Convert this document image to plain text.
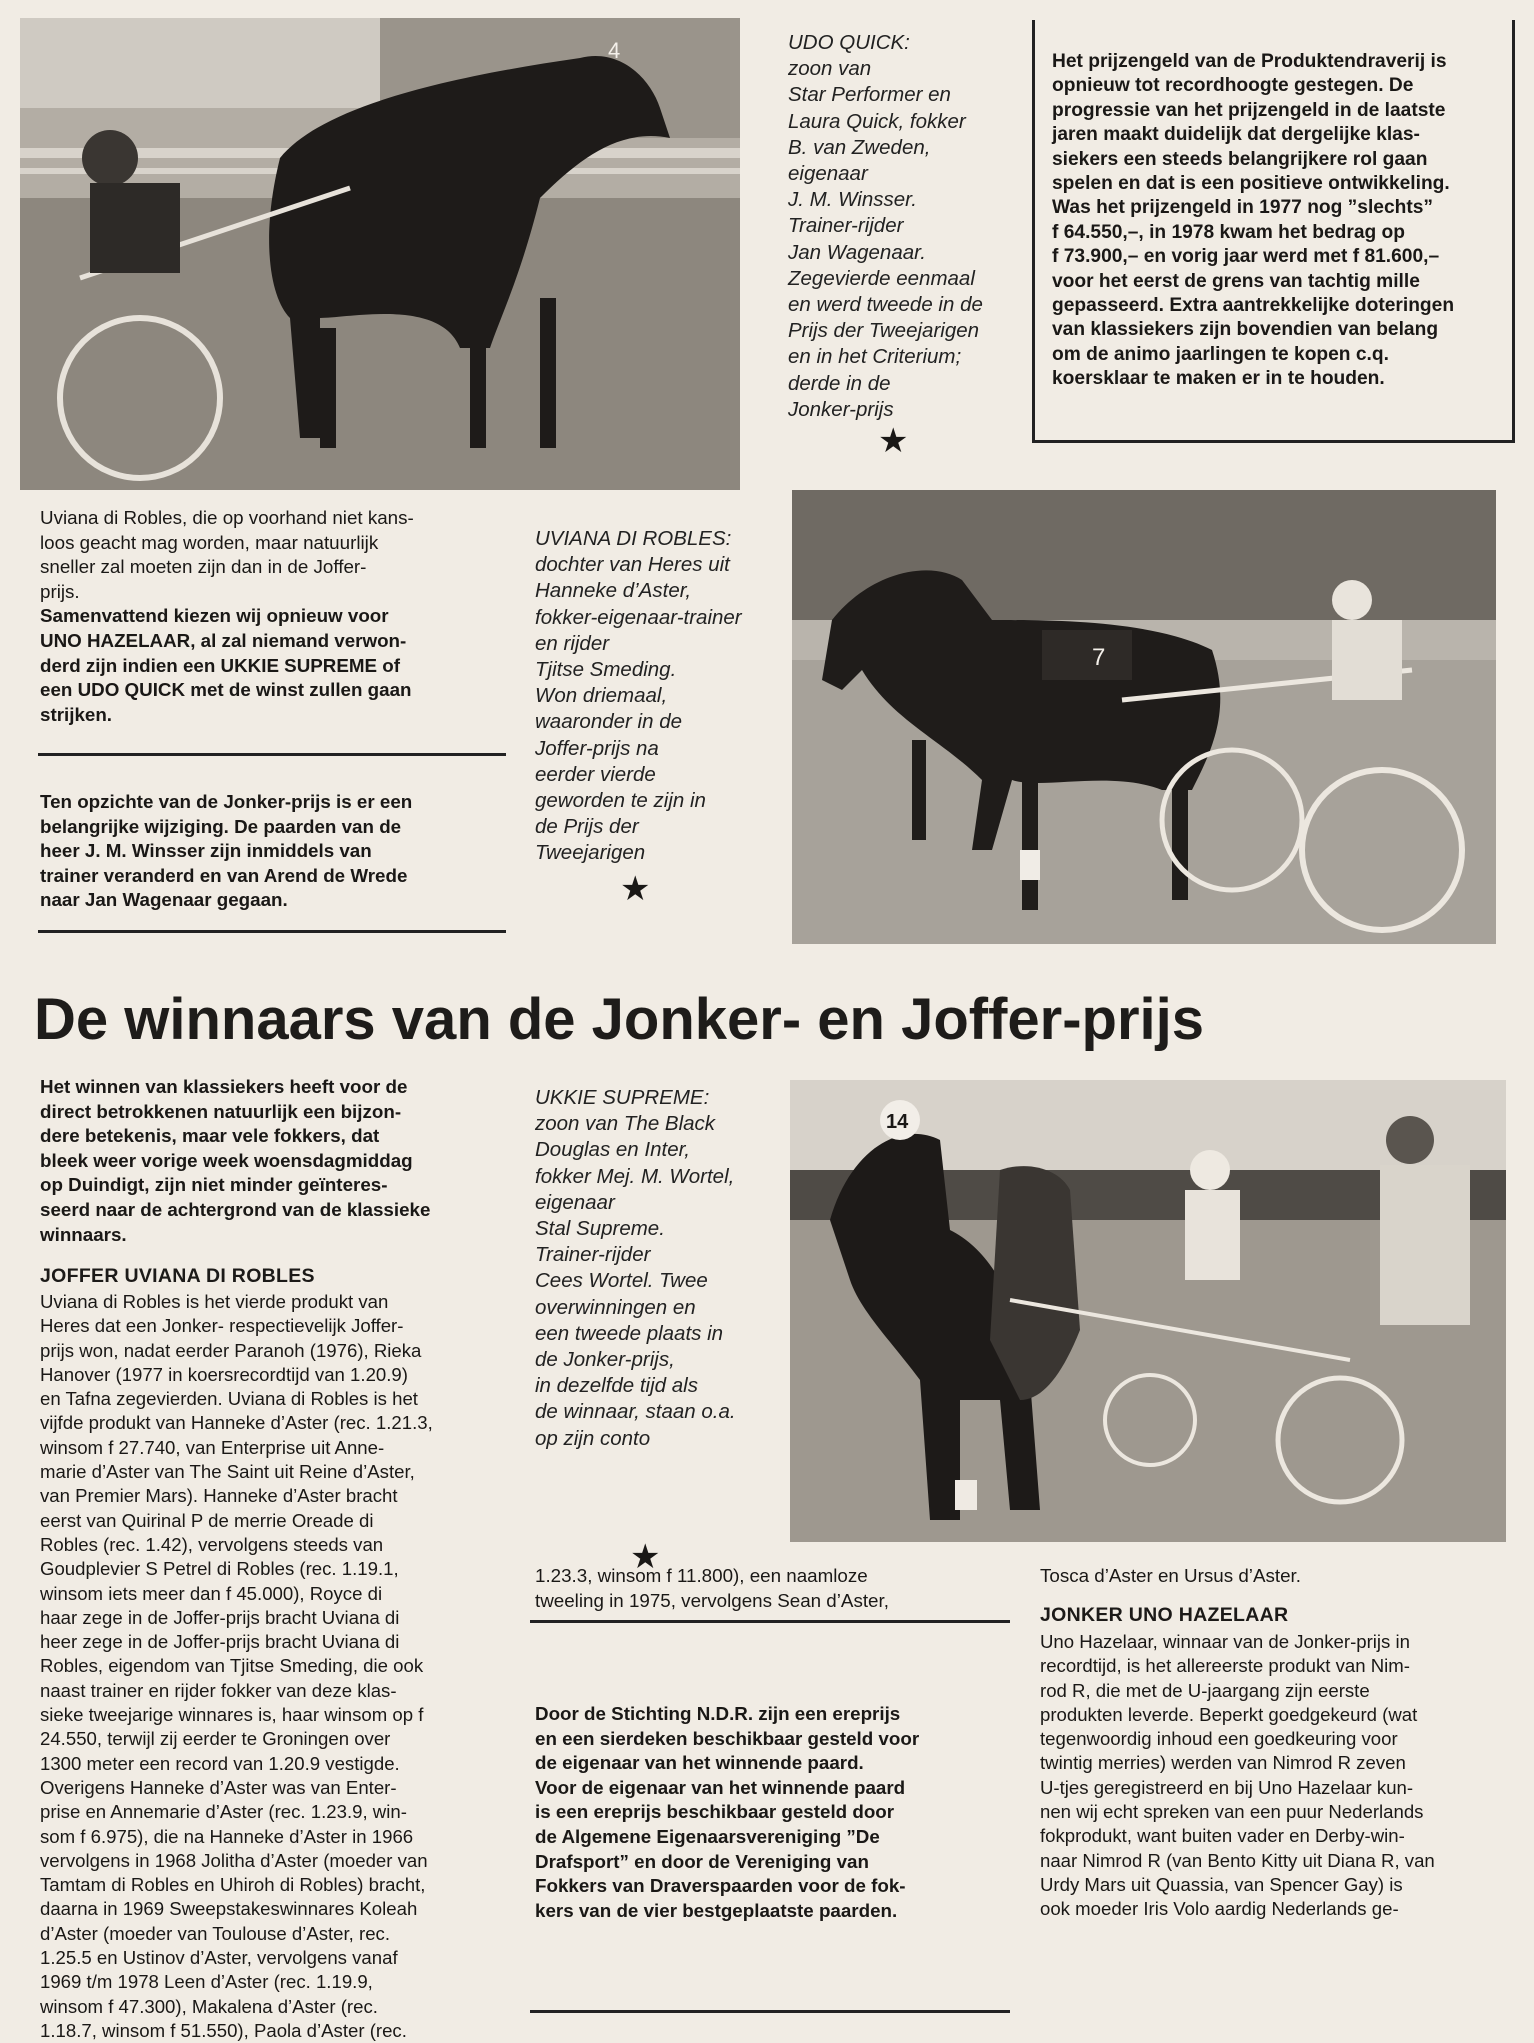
4	UDO QUICK:
zoon van
Star Performer en
Laura Quick, fokker
B. van Zweden,
eigenaar
J. M. Winsser.
Trainer-rijder
Jan Wagenaar.
Zegevierde eenmaal
en werd tweede in de
Prijs der Tweejarigen
en in het Criterium;
derde in de
Jonker-prijs
★
Het prijzengeld van de Produktendraverij is
opnieuw tot recordhoogte gestegen. De
progressie van het prijzengeld in de laatste
jaren maakt duidelijk dat dergelijke klas-
siekers een steeds belangrijkere rol gaan
spelen en dat is een positieve ontwikkeling.
Was het prijzengeld in 1977 nog ”slechts”
f 64.550,–, in 1978 kwam het bedrag op
f 73.900,– en vorig jaar werd met f 81.600,–
voor het eerst de grens van tachtig mille
gepasseerd. Extra aantrekkelijke doteringen
van klassiekers zijn bovendien van belang
om de animo jaarlingen te kopen c.q.
koersklaar te maken er in te houden.
Uviana di Robles, die op voorhand niet kans-
loos geacht mag worden, maar natuurlijk
sneller zal moeten zijn dan in de Joffer-
prijs.
Samenvattend kiezen wij opnieuw voor
UNO HAZELAAR, al zal niemand verwon-
derd zijn indien een UKKIE SUPREME of
een UDO QUICK met de winst zullen gaan
strijken.
Ten opzichte van de Jonker-prijs is er een
belangrijke wijziging. De paarden van de
heer J. M. Winsser zijn inmiddels van
trainer veranderd en van Arend de Wrede
naar Jan Wagenaar gegaan.
UVIANA DI ROBLES:
dochter van Heres uit
Hanneke d’Aster,
fokker-eigenaar-trainer
en rijder
Tjitse Smeding.
Won driemaal,
waaronder in de
Joffer-prijs na
eerder vierde
geworden te zijn in
de Prijs der
Tweejarigen
★
7
De winnaars van de Jonker- en Joffer-prijs
Het winnen van klassiekers heeft voor de
direct betrokkenen natuurlijk een bijzon-
dere betekenis, maar vele fokkers, dat
bleek weer vorige week woensdagmiddag
op Duindigt, zijn niet minder geïnteres-
seerd naar de achtergrond van de klassieke
winnaars.
JOFFER UVIANA DI ROBLES
Uviana di Robles is het vierde produkt van
Heres dat een Jonker- respectievelijk Joffer-
prijs won, nadat eerder Paranoh (1976), Rieka
Hanover (1977 in koersrecordtijd van 1.20.9)
en Tafna zegevierden. Uviana di Robles is het
vijfde produkt van Hanneke d’Aster (rec. 1.21.3,
winsom f 27.740, van Enterprise uit Anne-
marie d’Aster van The Saint uit Reine d’Aster,
van Premier Mars). Hanneke d’Aster bracht
eerst van Quirinal P de merrie Oreade di
Robles (rec. 1.42), vervolgens steeds van
Goudplevier S Petrel di Robles (rec. 1.19.1,
winsom iets meer dan f 45.000), Royce di
haar zege in de Joffer-prijs bracht Uviana di
heer zege in de Joffer-prijs bracht Uviana di
Robles, eigendom van Tjitse Smeding, die ook
naast trainer en rijder fokker van deze klas-
sieke tweejarige winnares is, haar winsom op f
24.550, terwijl zij eerder te Groningen over
1300 meter een record van 1.20.9 vestigde.
Overigens Hanneke d’Aster was van Enter-
prise en Annemarie d’Aster (rec. 1.23.9, win-
som f 6.975), die na Hanneke d’Aster in 1966
vervolgens in 1968 Jolitha d’Aster (moeder van
Tamtam di Robles en Uhiroh di Robles) bracht,
daarna in 1969 Sweepstakeswinnares Koleah
d’Aster (moeder van Toulouse d’Aster, rec.
1.25.5 en Ustinov d’Aster, vervolgens vanaf
1969 t/m 1978 Leen d’Aster (rec. 1.19.9,
winsom f 47.300), Makalena d’Aster (rec.
1.18.7, winsom f 51.550), Paola d’Aster (rec.
UKKIE SUPREME:
zoon van The Black
Douglas en Inter,
fokker Mej. M. Wortel,
eigenaar
Stal Supreme.
Trainer-rijder
Cees Wortel. Twee
overwinningen en
een tweede plaats in
de Jonker-prijs,
in dezelfde tijd als
de winnaar, staan o.a.
op zijn conto
★
14
1.23.3, winsom f 11.800), een naamloze
tweeling in 1975, vervolgens Sean d’Aster,
Door de Stichting N.D.R. zijn een ereprijs
en een sierdeken beschikbaar gesteld voor
de eigenaar van het winnende paard.
Voor de eigenaar van het winnende paard
is een ereprijs beschikbaar gesteld door
de Algemene Eigenaarsvereniging ”De
Drafsport” en door de Vereniging van
Fokkers van Draverspaarden voor de fok-
kers van de vier bestgeplaatste paarden.
Tosca d’Aster en Ursus d’Aster.
JONKER UNO HAZELAAR
Uno Hazelaar, winnaar van de Jonker-prijs in
recordtijd, is het allereerste produkt van Nim-
rod R, die met de U-jaargang zijn eerste
produkten leverde. Beperkt goedgekeurd (wat
tegenwoordig inhoud een goedkeuring voor
twintig merries) werden van Nimrod R zeven
U-tjes geregistreerd en bij Uno Hazelaar kun-
nen wij echt spreken van een puur Nederlands
fokprodukt, want buiten vader en Derby-win-
naar Nimrod R (van Bento Kitty uit Diana R, van
Urdy Mars uit Quassia, van Spencer Gay) is
ook moeder Iris Volo aardig Nederlands ge-
